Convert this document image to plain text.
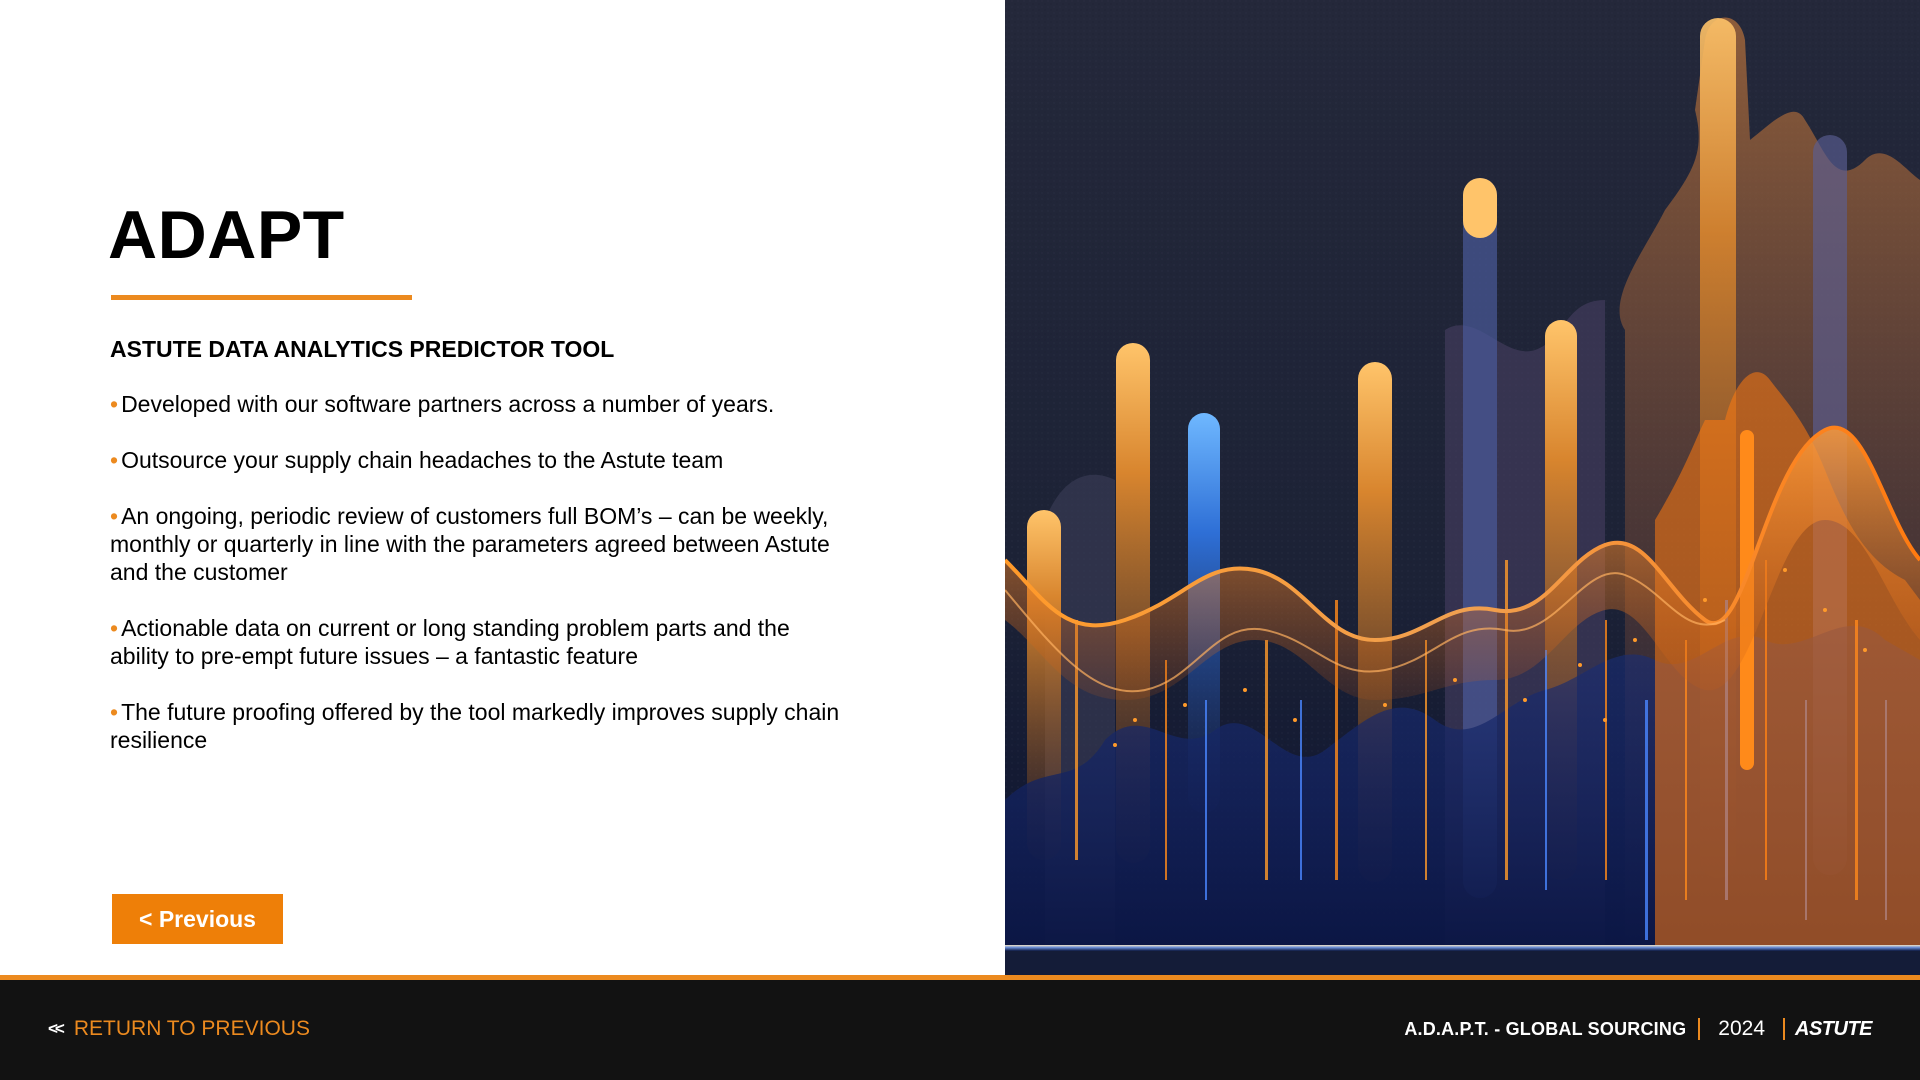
ADAPT
ASTUTE DATA ANALYTICS PREDICTOR TOOL
• Developed with our software partners across a number of years.
• Outsource your supply chain headaches to the Astute team
• An ongoing, periodic review of customers full BOM’s – can be weekly, monthly or quarterly in line with the parameters agreed between Astute and the customer
• Actionable data on current or long standing problem parts and the ability to pre-empt future issues – a fantastic feature
• The future proofing offered by the tool markedly improves supply chain resilience
< Previous
<< RETURN TO PREVIOUS	A.D.A.P.T. - GLOBAL SOURCING 2024 ASTUTE
